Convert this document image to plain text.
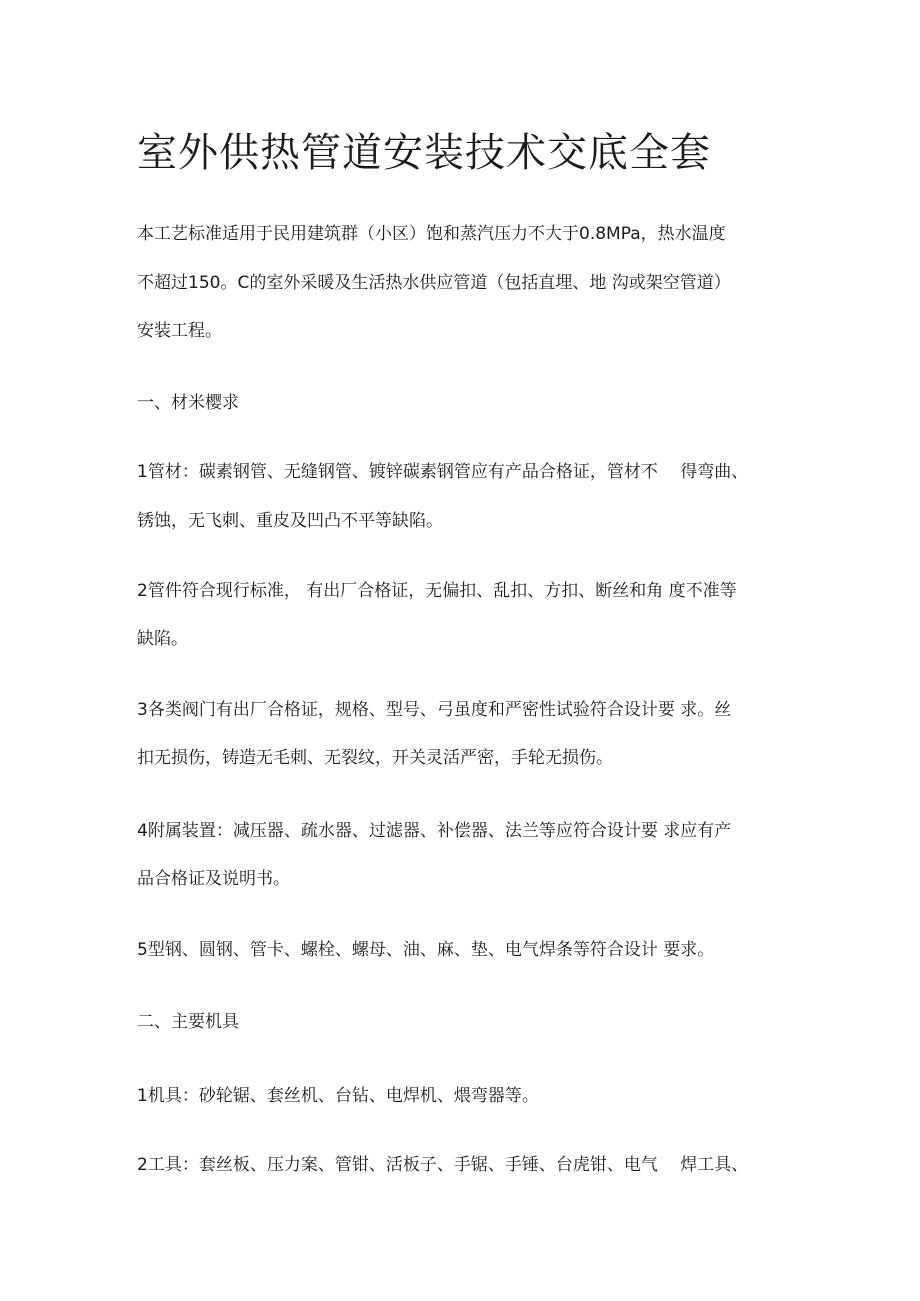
室外供热管道安装技术交底全套

本工艺标准适用于民用建筑群（小区）饱和蒸汽压力不大于0.8MPa，热水温度

不超过150。C的室外采暖及生活热水供应管道（包括直埋、地 沟或架空管道）

安装工程。

一、材米樱求

1管材：碳素钢管、无缝钢管、镀锌碳素钢管应有产品合格证，管材不 　得弯曲、

锈蚀，无飞刺、重皮及凹凸不平等缺陷。

2管件符合现行标准， 有出厂合格证，无偏扣、乱扣、方扣、断丝和角 度不准等

缺陷。

3各类阀门有出厂合格证，规格、型号、弓虽度和严密性试验符合设计要 求。丝

扣无损伤，铸造无毛刺、无裂纹，开关灵活严密，手轮无损伤。

4附属装置：减压器、疏水器、过滤器、补偿器、法兰等应符合设计要 求应有产

品合格证及说明书。

5型钢、圆钢、管卡、螺栓、螺母、油、麻、垫、电气焊条等符合设计 要求。

二、主要机具

1机具：砂轮锯、套丝机、台钻、电焊机、煨弯器等。

2工具：套丝板、压力案、管钳、活板子、手锯、手锤、台虎钳、电气 　焊工具、
